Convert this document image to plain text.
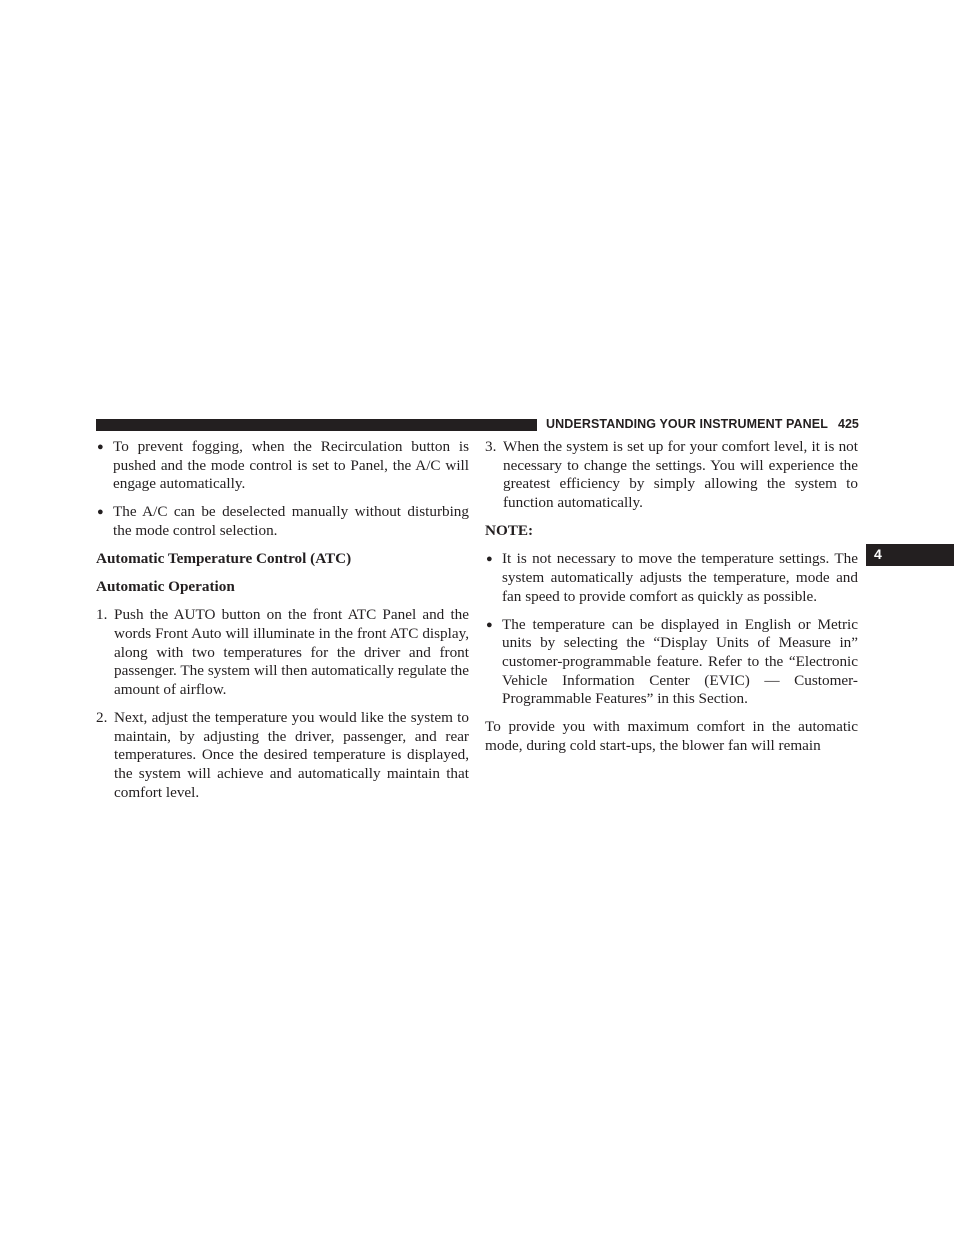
UNDERSTANDING YOUR INSTRUMENT PANEL 425
4
● To prevent fogging, when the Recirculation button is pushed and the mode control is set to Panel, the A/C will engage automatically.
● The A/C can be deselected manually without disturbing the mode control selection.
Automatic Temperature Control (ATC)
Automatic Operation
1. Push the AUTO button on the front ATC Panel and the words Front Auto will illuminate in the front ATC display, along with two temperatures for the driver and front passenger. The system will then automatically regulate the amount of airflow.
2. Next, adjust the temperature you would like the system to maintain, by adjusting the driver, passenger, and rear temperatures. Once the desired temperature is displayed, the system will achieve and automatically maintain that comfort level.
3. When the system is set up for your comfort level, it is not necessary to change the settings. You will experience the greatest efficiency by simply allowing the system to function automatically.
NOTE:
● It is not necessary to move the temperature settings. The system automatically adjusts the temperature, mode and fan speed to provide comfort as quickly as possible.
● The temperature can be displayed in English or Metric units by selecting the “Display Units of Measure in” customer-programmable feature. Refer to the “Electronic Vehicle Information Center (EVIC) — Customer-Programmable Features” in this Section.

To provide you with maximum comfort in the automatic mode, during cold start-ups, the blower fan will remain
